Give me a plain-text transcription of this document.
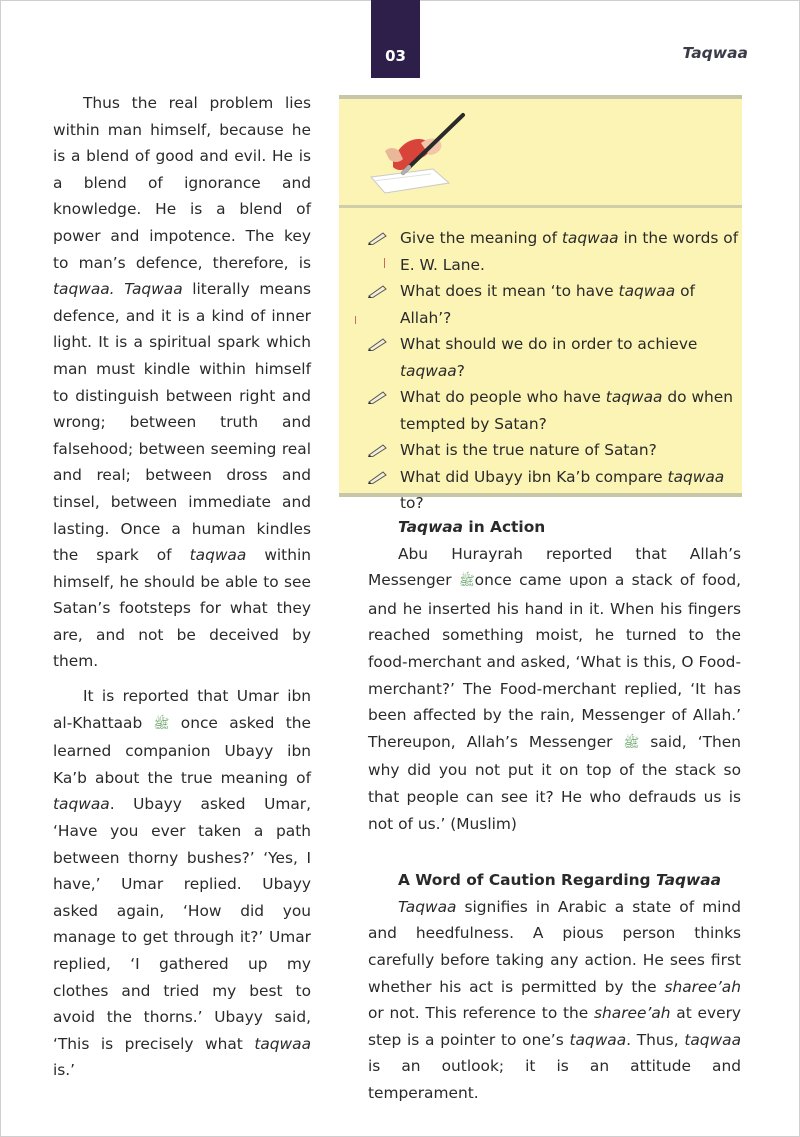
03	Taqwaa

Thus the real problem lies within man himself, because he is a blend of good and evil. He is a blend of ignorance and knowledge. He is a blend of power and impotence. The key to man’s defence, therefore, is taqwaa. Taqwaa literally means defence, and it is a kind of inner light. It is a spiritual spark which man must kindle within himself to distinguish between right and wrong; between truth and falsehood; between seeming real and real; between dross and tinsel, between immediate and lasting. Once a human kindles the spark of taqwaa within himself, he should be able to see Satan’s footsteps for what they are, and not be deceived by them.

It is reported that Umar ibn al-Khattaab ﷺ once asked the learned companion Ubayy ibn Ka’b about the true meaning of taqwaa. Ubayy asked Umar, ‘Have you ever taken a path between thorny bushes?’ ‘Yes, I have,’ Umar replied. Ubayy asked again, ‘How did you manage to get through it?’ Umar replied, ‘I gathered up my clothes and tried my best to avoid the thorns.’ Ubayy said, ‘This is precisely what taqwaa is.’

Give the meaning of taqwaa in the words of E. W. Lane.
What does it mean ‘to have taqwaa of Allah’?
What should we do in order to achieve taqwaa?
What do people who have taqwaa do when tempted by Satan?
What is the true nature of Satan?
What did Ubayy ibn Ka’b compare taqwaa to?
Taqwaa in Action

Abu Hurayrah reported that Allah’s Messenger ﷺonce came upon a stack of food, and he inserted his hand in it. When his fingers reached something moist, he turned to the food-merchant and asked, ‘What is this, O Food-merchant?’ The Food-merchant replied, ‘It has been affected by the rain, Messenger of Allah.’ Thereupon, Allah’s Messenger ﷺ said, ‘Then why did you not put it on top of the stack so that people can see it? He who defrauds us is not of us.’ (Muslim)

A Word of Caution Regarding Taqwaa

Taqwaa signifies in Arabic a state of mind and heedfulness. A pious person thinks carefully before taking any action. He sees first whether his act is permitted by the sharee’ah or not. This reference to the sharee’ah at every step is a pointer to one’s taqwaa. Thus, taqwaa is an outlook; it is an attitude and temperament.
